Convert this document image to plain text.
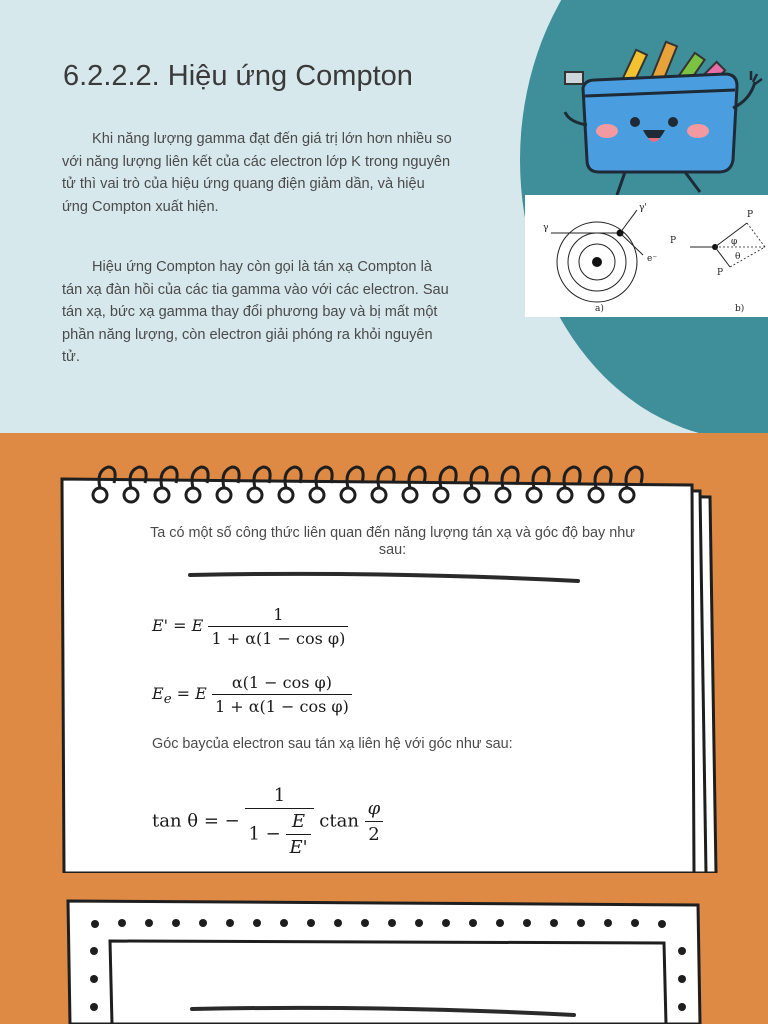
6.2.2.2. Hiệu ứng Compton

Khi năng lượng gamma đạt đến giá trị lớn hơn nhiều so với năng lượng liên kết của các electron lớp K trong nguyên tử thì vai trò của hiệu ứng quang điện giảm dần, và hiệu ứng Compton xuất hiện.

Hiệu ứng Compton hay còn gọi là tán xạ Compton là tán xạ đàn hồi của các tia gamma vào với các electron. Sau tán xạ, bức xạ gamma thay đổi phương bay và bị mất một phần năng lượng, còn electron giải phóng ra khỏi nguyên tử.

γ
γ'
e⁻
a)
P
P
P
φ
θ
b)

Ta có một số công thức liên quan đến năng lượng tán xạ và góc độ bay như sau:

E' = E $\frac{1}{\text{1 + α(1 − cos φ)}}$
$E_e = E \frac{\text{α(1 − cos φ)}}{\text{1 + α(1 − cos φ)}}$

Góc baycủa electron sau tán xạ liên hệ với góc như sau:

tan θ = − $\frac{1}{1 - \frac{E}{E'}}$ ctan $\frac{\varphi}{2}$
